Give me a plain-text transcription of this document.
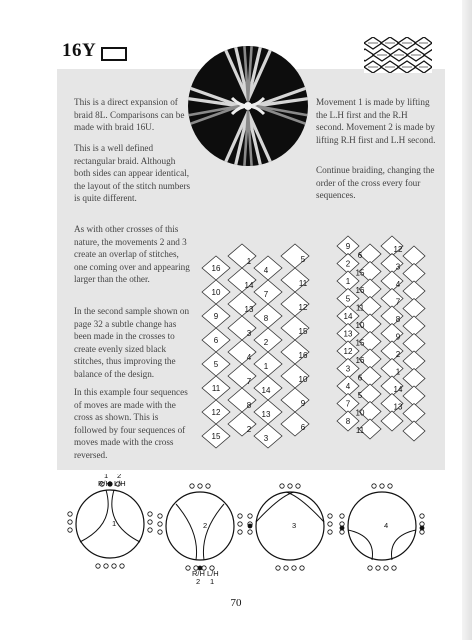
16Y

This is a direct expansion of braid 8L. Comparisons can be made with braid 16U.

This is a well defined rectangular braid. Although both sides can appear identical, the layout of the stitch numbers is quite different.

As with other crosses of this nature, the movements 2 and 3 create an overlap of stitches, one coming over and appearing larger than the other.

In the second sample shown on page 32 a subtle change has been made in the crosses to create evenly sized black stitches, thus improving the balance of the design.

In this example four sequences of moves are made with the cross as shown. This is followed by four sequences of moves made with the cross reversed.

Movement 1 is made by lifting the L.H first and the R.H second. Movement 2 is made by lifting R.H first and L.H second.

Continue braiding, changing the order of the cross every four sequences.

16
10
9
6
5
11
12
15
1
14
13
3
4
7
8
2
4
7
8
2
1
14
13
3
5
11
12
15
16
10
9
6
9
2
1
5
14
13
12
3
4
7
8
6
15
16
11
10
15
16
6
5
10
11
12
3
4
7
8
9
2
1
14
13
1 2
R/H L/H
R/H L/H
2 1
1	2	3	4
70
